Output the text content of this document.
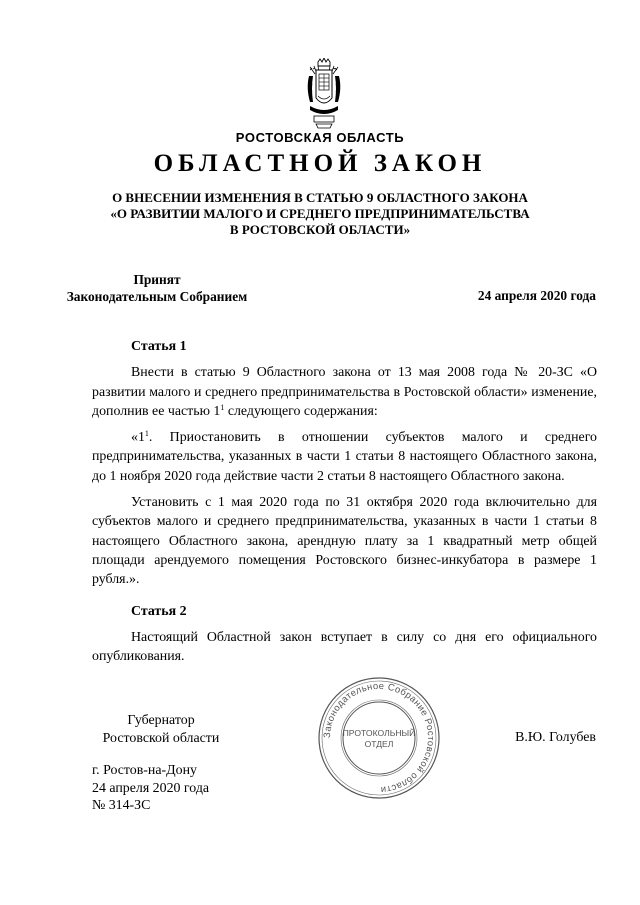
РОСТОВСКАЯ ОБЛАСТЬ
ОБЛАСТНОЙ ЗАКОН
О ВНЕСЕНИИ ИЗМЕНЕНИЯ В СТАТЬЮ 9 ОБЛАСТНОГО ЗАКОНА
«О РАЗВИТИИ МАЛОГО И СРЕДНЕГО ПРЕДПРИНИМАТЕЛЬСТВА
В РОСТОВСКОЙ ОБЛАСТИ»
Принят
Законодательным Собранием	24 апреля 2020 года
Статья 1

Внести в статью 9 Областного закона от 13 мая 2008 года № 20-ЗС «О развитии малого и среднего предпринимательства в Ростовской области» изменение, дополнив ее частью $1^1$ следующего содержания:

«$1^1$. Приостановить в отношении субъектов малого и среднего предпринимательства, указанных в части 1 статьи 8 настоящего Областного закона, до 1 ноября 2020 года действие части 2 статьи 8 настоящего Областного закона.

Установить с 1 мая 2020 года по 31 октября 2020 года включительно для субъектов малого и среднего предпринимательства, указанных в части 1 статьи 8 настоящего Областного закона, арендную плату за 1 квадратный метр общей площади арендуемого помещения Ростовского бизнес-инкубатора в размере 1 рубля.».

Статья 2

Настоящий Областной закон вступает в силу со дня его официального опубликования.

Законодательное Собрание Ростовской области
ПРОТОКОЛЬНЫЙ
ОТДЕЛ
Губернатор
Ростовской области	В.Ю. Голубев
г. Ростов-на-Дону
24 апреля 2020 года
№ 314-ЗС
